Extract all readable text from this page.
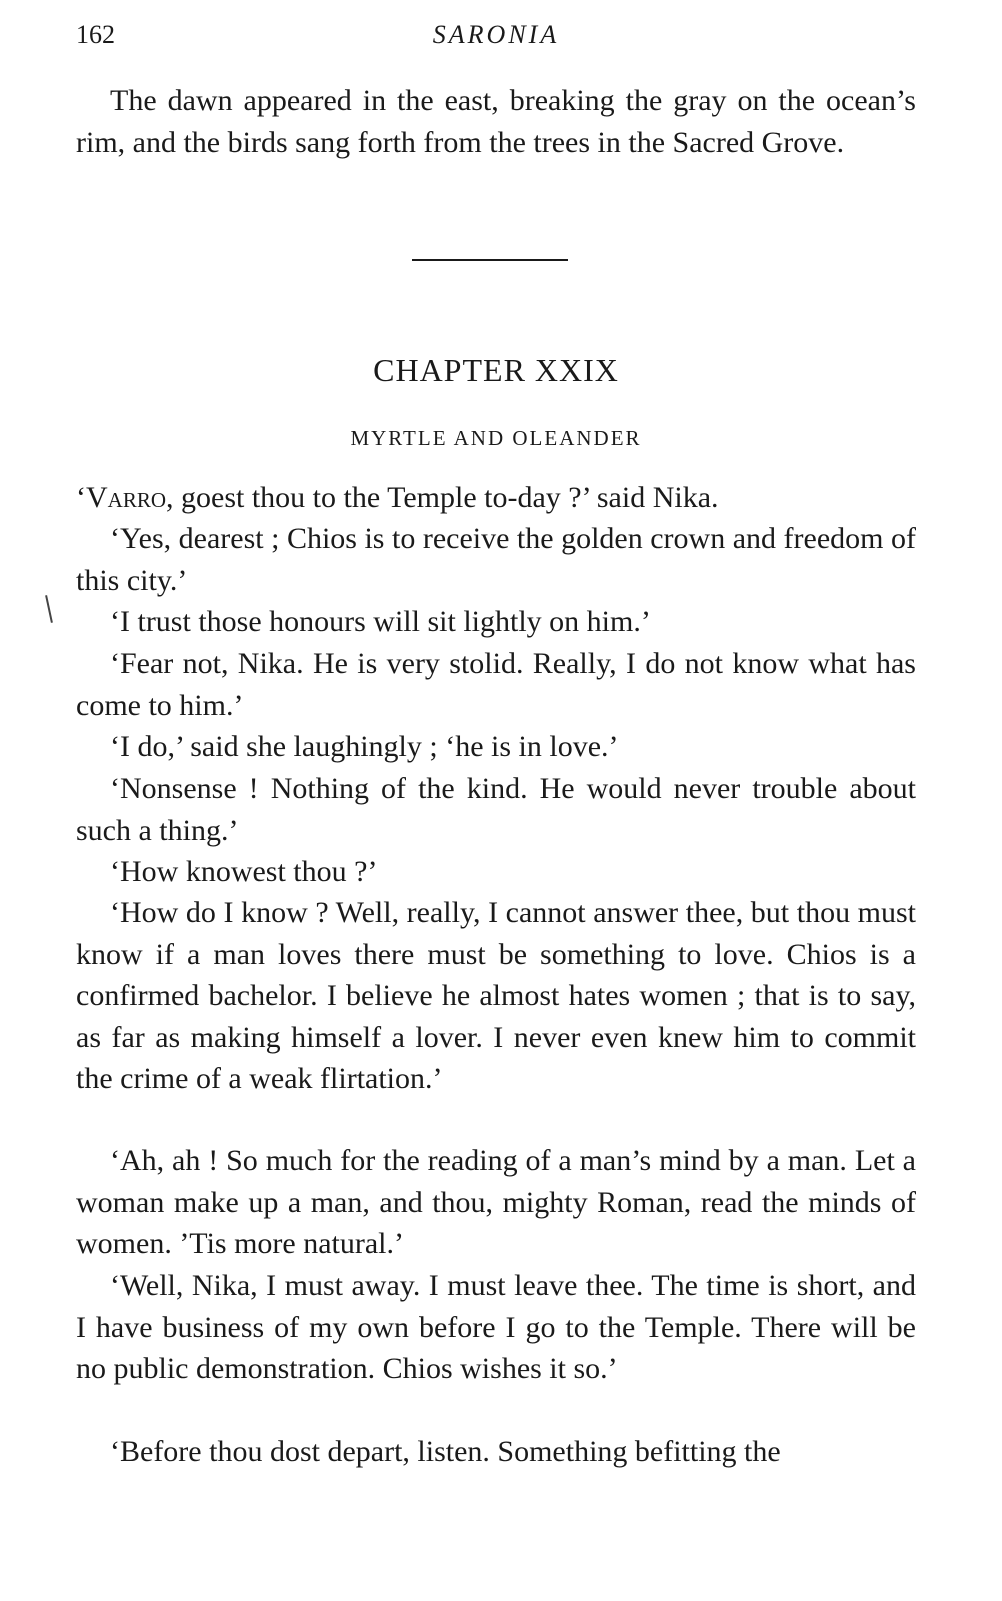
162	SARONIA

The dawn appeared in the east, breaking the gray on the ocean’s rim, and the birds sang forth from the trees in the Sacred Grove.

CHAPTER XXIX
MYRTLE AND OLEANDER

‘Varro, goest thou to the Temple to-day ?’ said Nika.

‘Yes, dearest ; Chios is to receive the golden crown and freedom of this city.’

‘I trust those honours will sit lightly on him.’

‘Fear not, Nika. He is very stolid. Really, I do not know what has come to him.’

‘I do,’ said she laughingly ; ‘he is in love.’

‘Nonsense ! Nothing of the kind. He would never trouble about such a thing.’

‘How knowest thou ?’

‘How do I know ? Well, really, I cannot answer thee, but thou must know if a man loves there must be something to love. Chios is a confirmed bachelor. I believe he almost hates women ; that is to say, as far as making himself a lover. I never even knew him to commit the crime of a weak flirtation.’

‘Ah, ah ! So much for the reading of a man’s mind by a man. Let a woman make up a man, and thou, mighty Roman, read the minds of women. ’Tis more natural.’

‘Well, Nika, I must away. I must leave thee. The time is short, and I have business of my own before I go to the Temple. There will be no public demonstration. Chios wishes it so.’

‘Before thou dost depart, listen. Something befitting the
